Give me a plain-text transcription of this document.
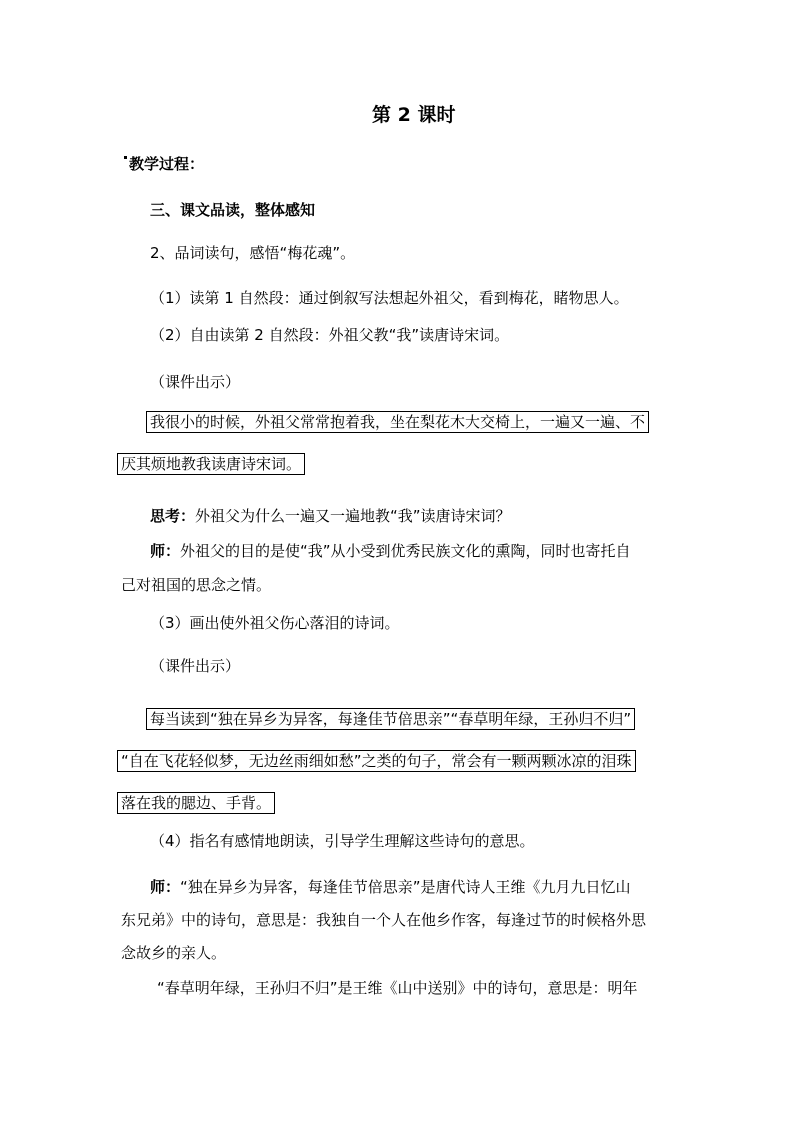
第 2 课时
教学过程：
三、课文品读，整体感知
2、品词读句，感悟“梅花魂”。
（1）读第 1 自然段：通过倒叙写法想起外祖父，看到梅花，睹物思人。
（2）自由读第 2 自然段：外祖父教“我”读唐诗宋词。
（课件出示）
我很小的时候，外祖父常常抱着我，坐在梨花木大交椅上，一遍又一遍、不
厌其烦地教我读唐诗宋词。
思考：外祖父为什么一遍又一遍地教“我”读唐诗宋词？
师：外祖父的目的是使“我”从小受到优秀民族文化的熏陶，同时也寄托自
己对祖国的思念之情。
（3）画出使外祖父伤心落泪的诗词。
（课件出示）
每当读到“独在异乡为异客，每逢佳节倍思亲”“春草明年绿，王孙归不归”
“自在飞花轻似梦，无边丝雨细如愁”之类的句子，常会有一颗两颗冰凉的泪珠
落在我的腮边、手背。
（4）指名有感情地朗读，引导学生理解这些诗句的意思。
师：“独在异乡为异客，每逢佳节倍思亲”是唐代诗人王维《九月九日忆山
东兄弟》中的诗句，意思是：我独自一个人在他乡作客，每逢过节的时候格外思
念故乡的亲人。
“春草明年绿，王孙归不归”是王维《山中送别》中的诗句，意思是：明年
